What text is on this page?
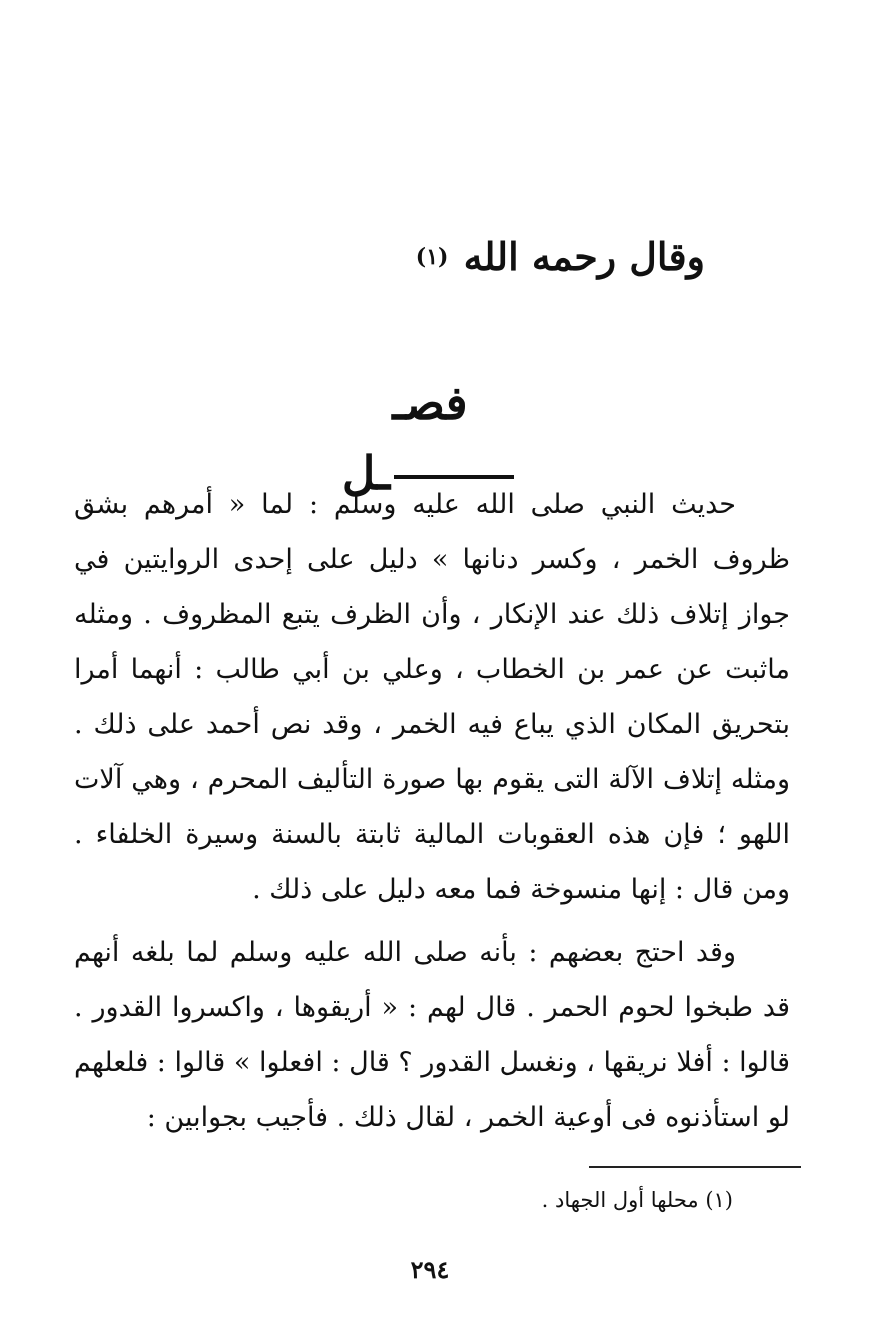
وقال رحمه الله (١)
فصــل
حديث النبي صلى الله عليه وسلم : لما « أمرهم بشق ظروف الخمر ، وكسر دنانها » دليل على إحدى الروايتين في جواز إتلاف ذلك عند الإنكار ، وأن الظرف يتبع المظروف . ومثله ماثبت عن عمر بن الخطاب ، وعلي بن أبي طالب : أنهما أمرا بتحريق المكان الذي يباع فيه الخمر ، وقد نص أحمد على ذلك . ومثله إتلاف الآلة التى يقوم بها صورة التأليف المحرم ، وهي آلات اللهو ؛ فإن هذه العقوبات المالية ثابتة بالسنة وسيرة الخلفاء . ومن قال : إنها منسوخة فما معه دليل على ذلك .
وقد احتج بعضهم : بأنه صلى الله عليه وسلم لما بلغه أنهم قد طبخوا لحوم الحمر . قال لهم : « أريقوها ، واكسروا القدور . قالوا : أفلا نريقها ، ونغسل القدور ؟ قال : افعلوا » قالوا : فلعلهم لو استأذنوه فى أوعية الخمر ، لقال ذلك . فأجيب بجوابين :
(١) محلها أول الجهاد .
٢٩٤
